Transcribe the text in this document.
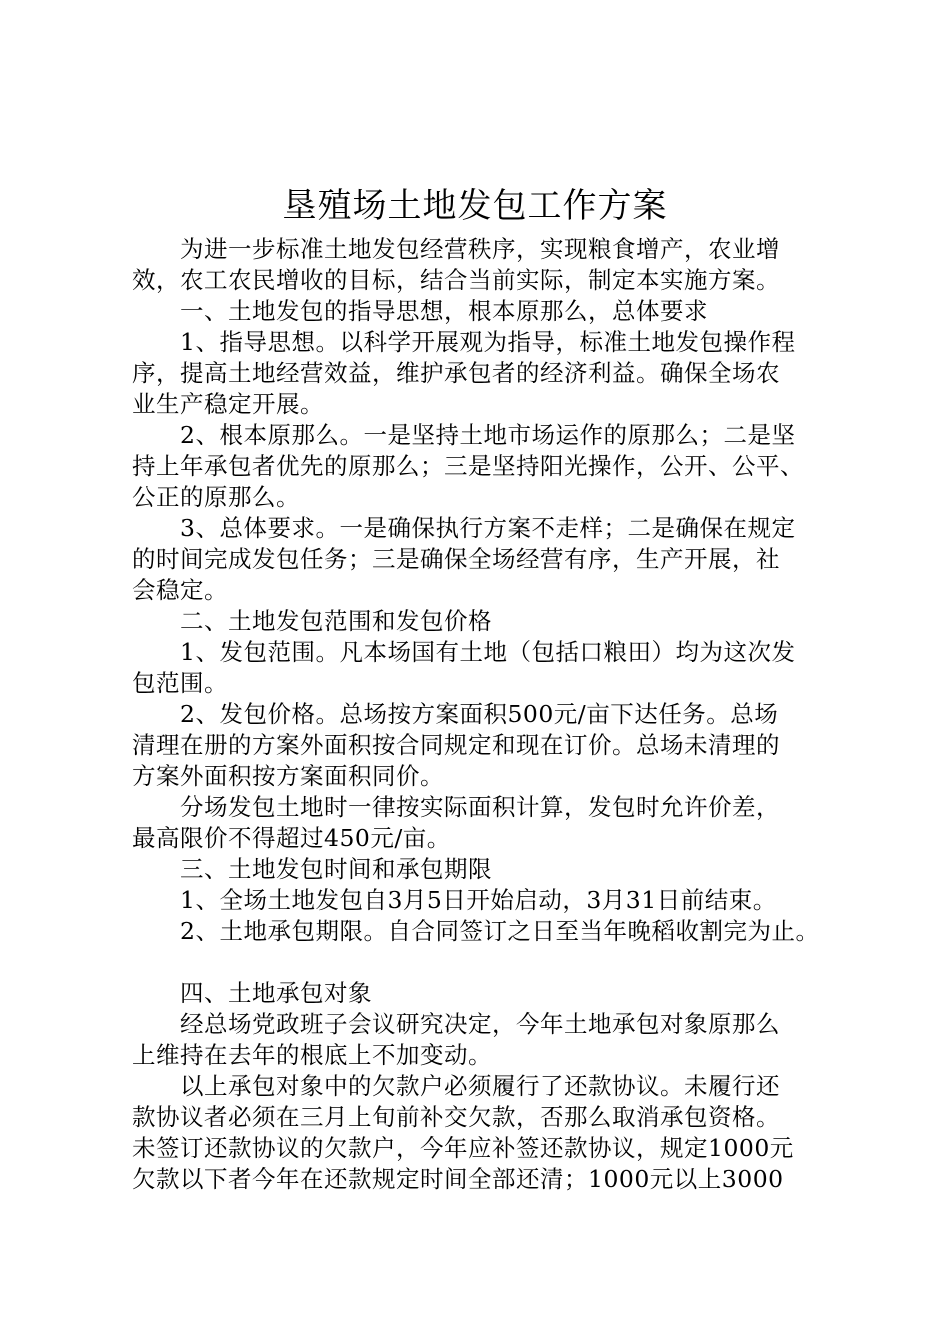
垦殖场土地发包工作方案
为进一步标准土地发包经营秩序，实现粮食增产，农业增
效，农工农民增收的目标，结合当前实际，制定本实施方案。
一、土地发包的指导思想，根本原那么，总体要求
1、指导思想。以科学开展观为指导，标准土地发包操作程
序，提高土地经营效益，维护承包者的经济利益。确保全场农
业生产稳定开展。
2、根本原那么。一是坚持土地市场运作的原那么；二是坚
持上年承包者优先的原那么；三是坚持阳光操作，公开、公平、
公正的原那么。
3、总体要求。一是确保执行方案不走样；二是确保在规定
的时间完成发包任务；三是确保全场经营有序，生产开展，社
会稳定。
二、土地发包范围和发包价格
1、发包范围。凡本场国有土地（包括口粮田）均为这次发
包范围。
2、发包价格。总场按方案面积500元/亩下达任务。总场
清理在册的方案外面积按合同规定和现在订价。总场未清理的
方案外面积按方案面积同价。
分场发包土地时一律按实际面积计算，发包时允许价差，
最高限价不得超过450元/亩。
三、土地发包时间和承包期限
1、全场土地发包自3月5日开始启动，3月31日前结束。
2、土地承包期限。自合同签订之日至当年晚稻收割完为止。
四、土地承包对象
经总场党政班子会议研究决定，今年土地承包对象原那么
上维持在去年的根底上不加变动。
以上承包对象中的欠款户必须履行了还款协议。未履行还
款协议者必须在三月上旬前补交欠款，否那么取消承包资格。
未签订还款协议的欠款户，今年应补签还款协议，规定1000元
欠款以下者今年在还款规定时间全部还清；1000元以上3000
